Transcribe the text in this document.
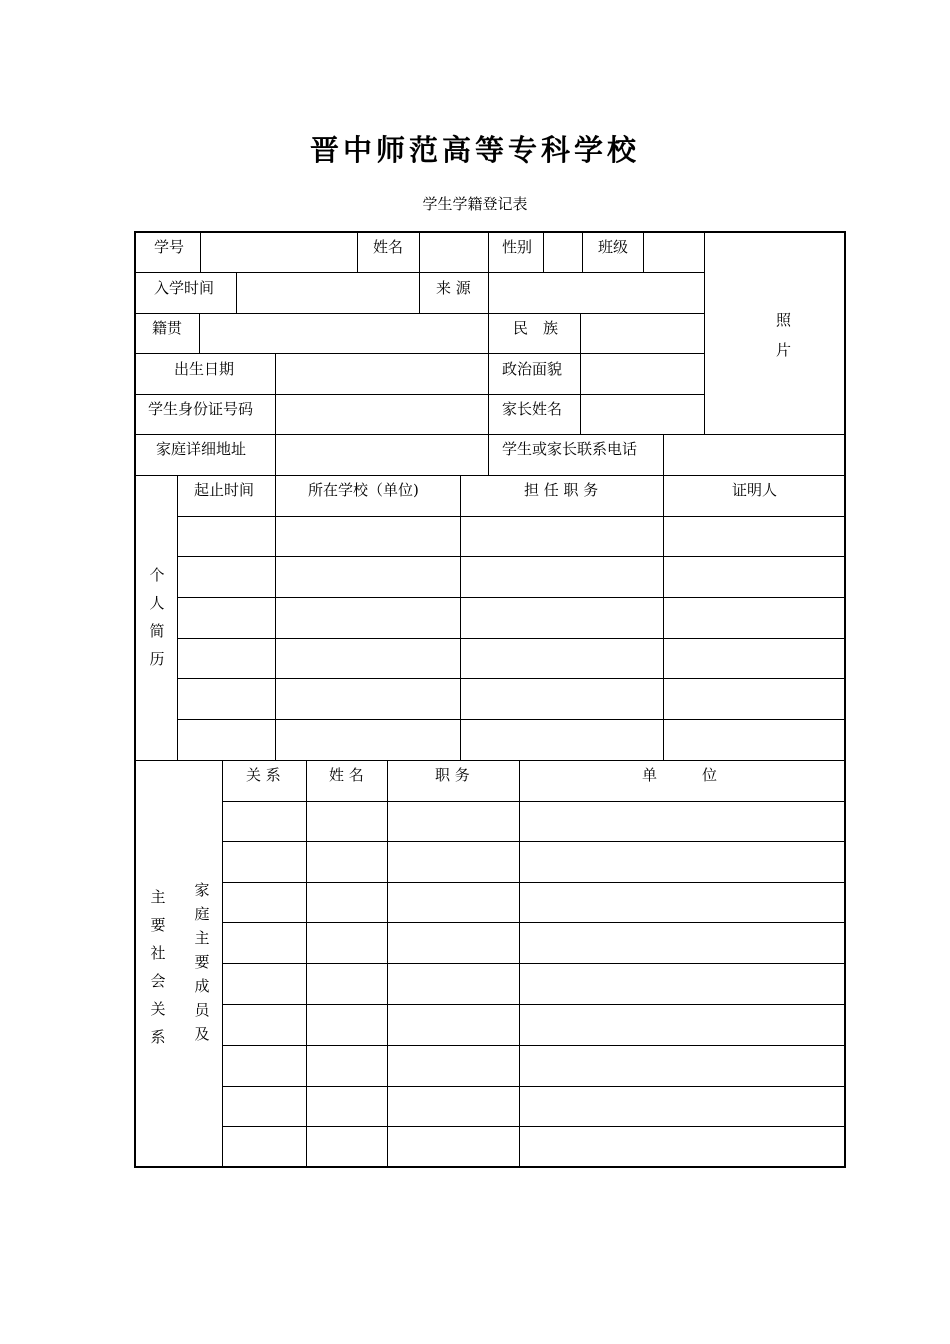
晋中师范高等专科学校
学生学籍登记表
学号	姓名	性别	班级
入学时间	来 源
籍贯	民　族
出生日期	政治面貌
学生身份证号码	家长姓名
家庭详细地址	学生或家长联系电话
照
片
个人简历
起止时间	所在学校（单位)	担 任 职 务	证明人
主要社会关系
家庭主要成员及
关 系	姓 名	职 务	单　　　位
